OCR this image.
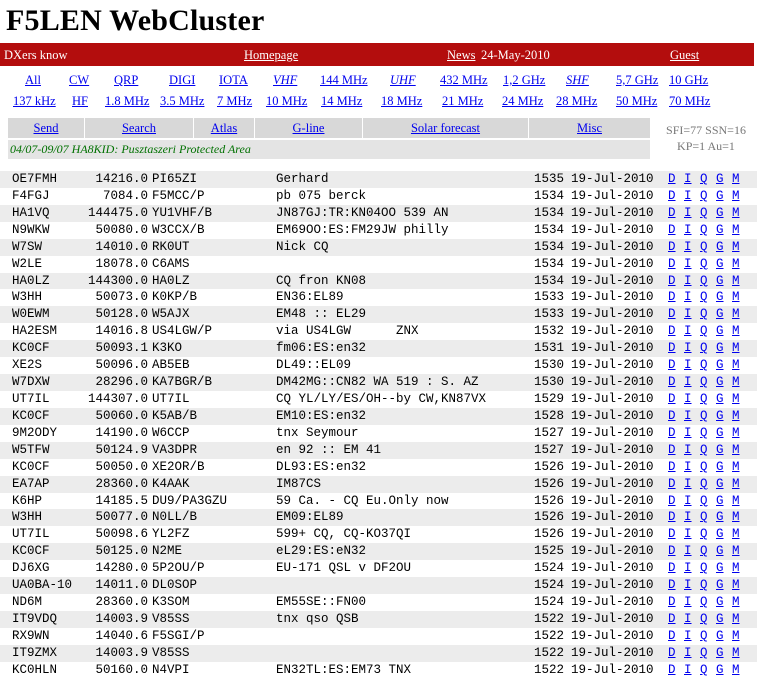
F5LEN WebCluster
DXers know	Homepage	News 24-May-2010	Guest
All CW QRP DIGI IOTA VHF 144 MHz UHF 432 MHz 1,2 GHz SHF 5,7 GHz 10 GHz
137 kHz HF 1.8 MHz 3.5 MHz 7 MHz 10 MHz 14 MHz 18 MHz 21 MHz 24 MHz 28 MHz 50 MHz 70 MHz
Send	Search	Atlas	G-line	Solar forecast	Misc
04/07-09/07 HA8KID: Pusztaszeri Protected Area
SFI=77 SSN=16
KP=1 Au=1
OE7FMH	14216.0 PI65ZI	Gerhard	1535 19-Jul-2010 D I Q G M
F4FGJ	7084.0 F5MCC/P	pb 075 berck	1534 19-Jul-2010 D I Q G M
HA1VQ	144475.0 YU1VHF/B	JN87GJ:TR:KN04OO 539 AN	1534 19-Jul-2010 D I Q G M
N9WKW	50080.0 W3CCX/B	EM69OO:ES:FM29JW philly	1534 19-Jul-2010 D I Q G M
W7SW	14010.0 RK0UT	Nick CQ	1534 19-Jul-2010 D I Q G M
W2LE	18078.0 C6AMS	1534 19-Jul-2010 D I Q G M
HA0LZ	144300.0 HA0LZ	CQ fron KN08	1534 19-Jul-2010 D I Q G M
W3HH	50073.0 K0KP/B	EN36:EL89	1533 19-Jul-2010 D I Q G M
W0EWM	50128.0 W5AJX	EM48 :: EL29	1533 19-Jul-2010 D I Q G M
HA2ESM	14016.8 US4LGW/P	via US4LGW      ZNX	1532 19-Jul-2010 D I Q G M
KC0CF	50093.1 K3KO	fm06:ES:en32	1531 19-Jul-2010 D I Q G M
XE2S	50096.0 AB5EB	DL49::EL09	1530 19-Jul-2010 D I Q G M
W7DXW	28296.0 KA7BGR/B	DM42MG::CN82 WA 519 : S. AZ	1530 19-Jul-2010 D I Q G M
UT7IL	144307.0 UT7IL	CQ YL/LY/ES/OH--by CW,KN87VX	1529 19-Jul-2010 D I Q G M
KC0CF	50060.0 K5AB/B	EM10:ES:en32	1528 19-Jul-2010 D I Q G M
9M2ODY	14190.0 W6CCP	tnx Seymour	1527 19-Jul-2010 D I Q G M
W5TFW	50124.9 VA3DPR	en 92 :: EM 41	1527 19-Jul-2010 D I Q G M
KC0CF	50050.0 XE2OR/B	DL93:ES:en32	1526 19-Jul-2010 D I Q G M
EA7AP	28360.0 K4AAK	IM87CS	1526 19-Jul-2010 D I Q G M
K6HP	14185.5 DU9/PA3GZU	59 Ca. - CQ Eu.Only now	1526 19-Jul-2010 D I Q G M
W3HH	50077.0 N0LL/B	EM09:EL89	1526 19-Jul-2010 D I Q G M
UT7IL	50098.6 YL2FZ	599+ CQ, CQ-KO37QI	1526 19-Jul-2010 D I Q G M
KC0CF	50125.0 N2ME	eL29:ES:eN32	1525 19-Jul-2010 D I Q G M
DJ6XG	14280.0 5P2OU/P	EU-171 QSL v DF2OU	1524 19-Jul-2010 D I Q G M
UA0BA-10 14011.0 DL0SOP	1524 19-Jul-2010 D I Q G M
ND6M	28360.0 K3SOM	EM55SE::FN00	1524 19-Jul-2010 D I Q G M
IT9VDQ	14003.9 V85SS	tnx qso QSB	1522 19-Jul-2010 D I Q G M
RX9WN	14040.6 F5SGI/P	1522 19-Jul-2010 D I Q G M
IT9ZMX	14003.9 V85SS	1522 19-Jul-2010 D I Q G M
KC0HLN	50160.0 N4VPI	EN32TL:ES:EM73 TNX	1522 19-Jul-2010 D I Q G M
